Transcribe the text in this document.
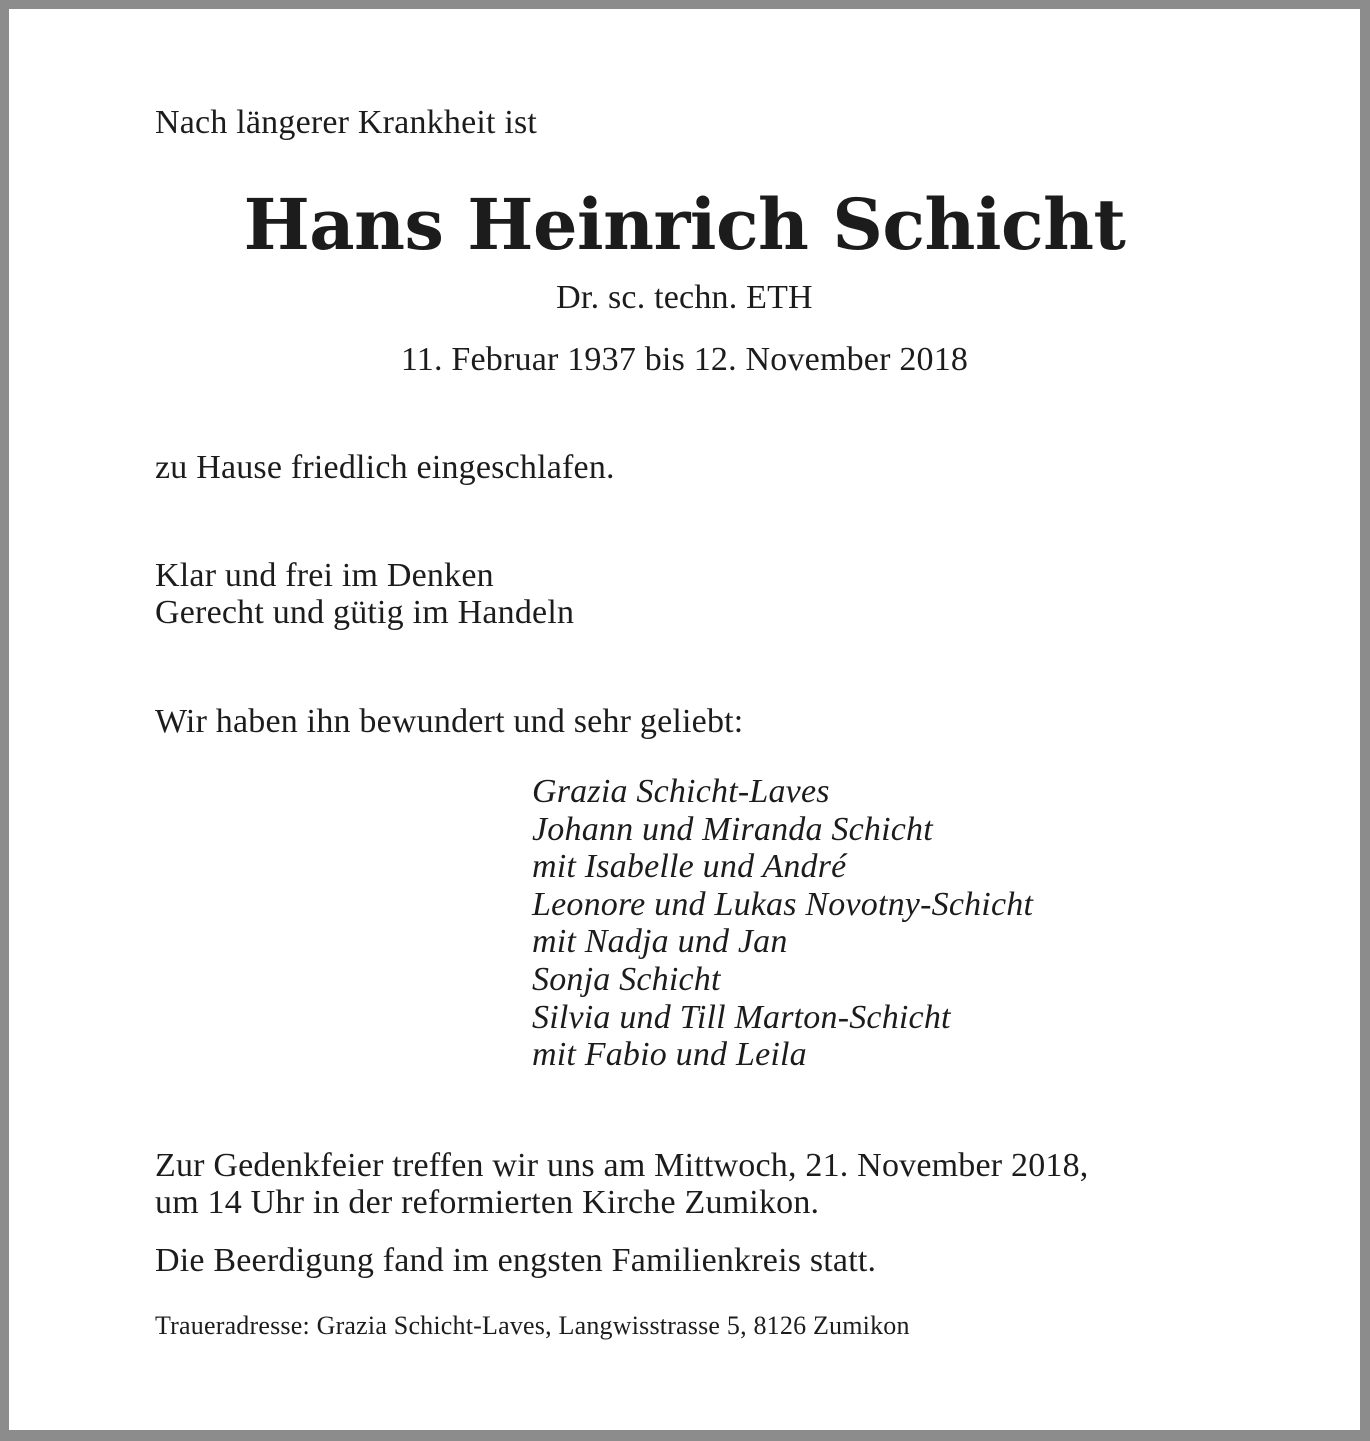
Nach längerer Krankheit ist
Hans Heinrich Schicht
Dr. sc. techn. ETH
11. Februar 1937 bis 12. November 2018
zu Hause friedlich eingeschlafen.
Klar und frei im Denken
Gerecht und gütig im Handeln
Wir haben ihn bewundert und sehr geliebt:
Grazia Schicht-Laves
Johann und Miranda Schicht
mit Isabelle und André
Leonore und Lukas Novotny-Schicht
mit Nadja und Jan
Sonja Schicht
Silvia und Till Marton-Schicht
mit Fabio und Leila
Zur Gedenkfeier treffen wir uns am Mittwoch, 21. November 2018,
um 14 Uhr in der reformierten Kirche Zumikon.
Die Beerdigung fand im engsten Familienkreis statt.
Traueradresse: Grazia Schicht-Laves, Langwisstrasse 5, 8126 Zumikon
